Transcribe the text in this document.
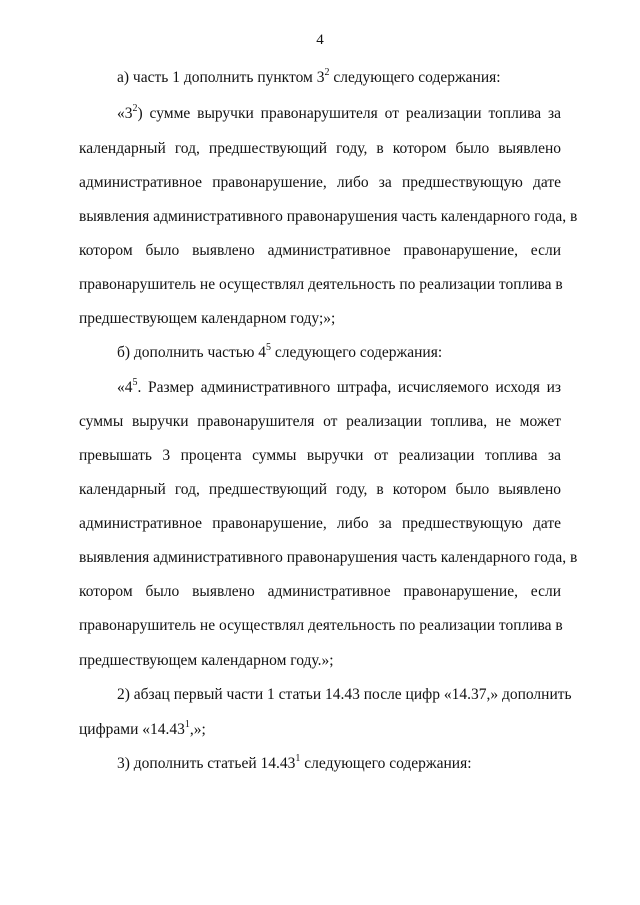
4
а) часть 1 дополнить пунктом $3^2$ следующего содержания:
«$3^2$) сумме выручки правонарушителя от реализации топлива за
календарный год, предшествующий году, в котором было выявлено
административное правонарушение, либо за предшествующую дате
выявления административного правонарушения часть календарного года, в
котором было выявлено административное правонарушение, если
правонарушитель не осуществлял деятельность по реализации топлива в
предшествующем календарном году;»;
б) дополнить частью $4^5$ следующего содержания:
«$4^5$. Размер административного штрафа, исчисляемого исходя из
суммы выручки правонарушителя от реализации топлива, не может
превышать 3 процента суммы выручки от реализации топлива за
календарный год, предшествующий году, в котором было выявлено
административное правонарушение, либо за предшествующую дате
выявления административного правонарушения часть календарного года, в
котором было выявлено административное правонарушение, если
правонарушитель не осуществлял деятельность по реализации топлива в
предшествующем календарном году.»;
2) абзац первый части 1 статьи 14.43 после цифр «14.37,» дополнить
цифрами «14.43$^1$,»;
3) дополнить статьей 14.43$^1$ следующего содержания:
